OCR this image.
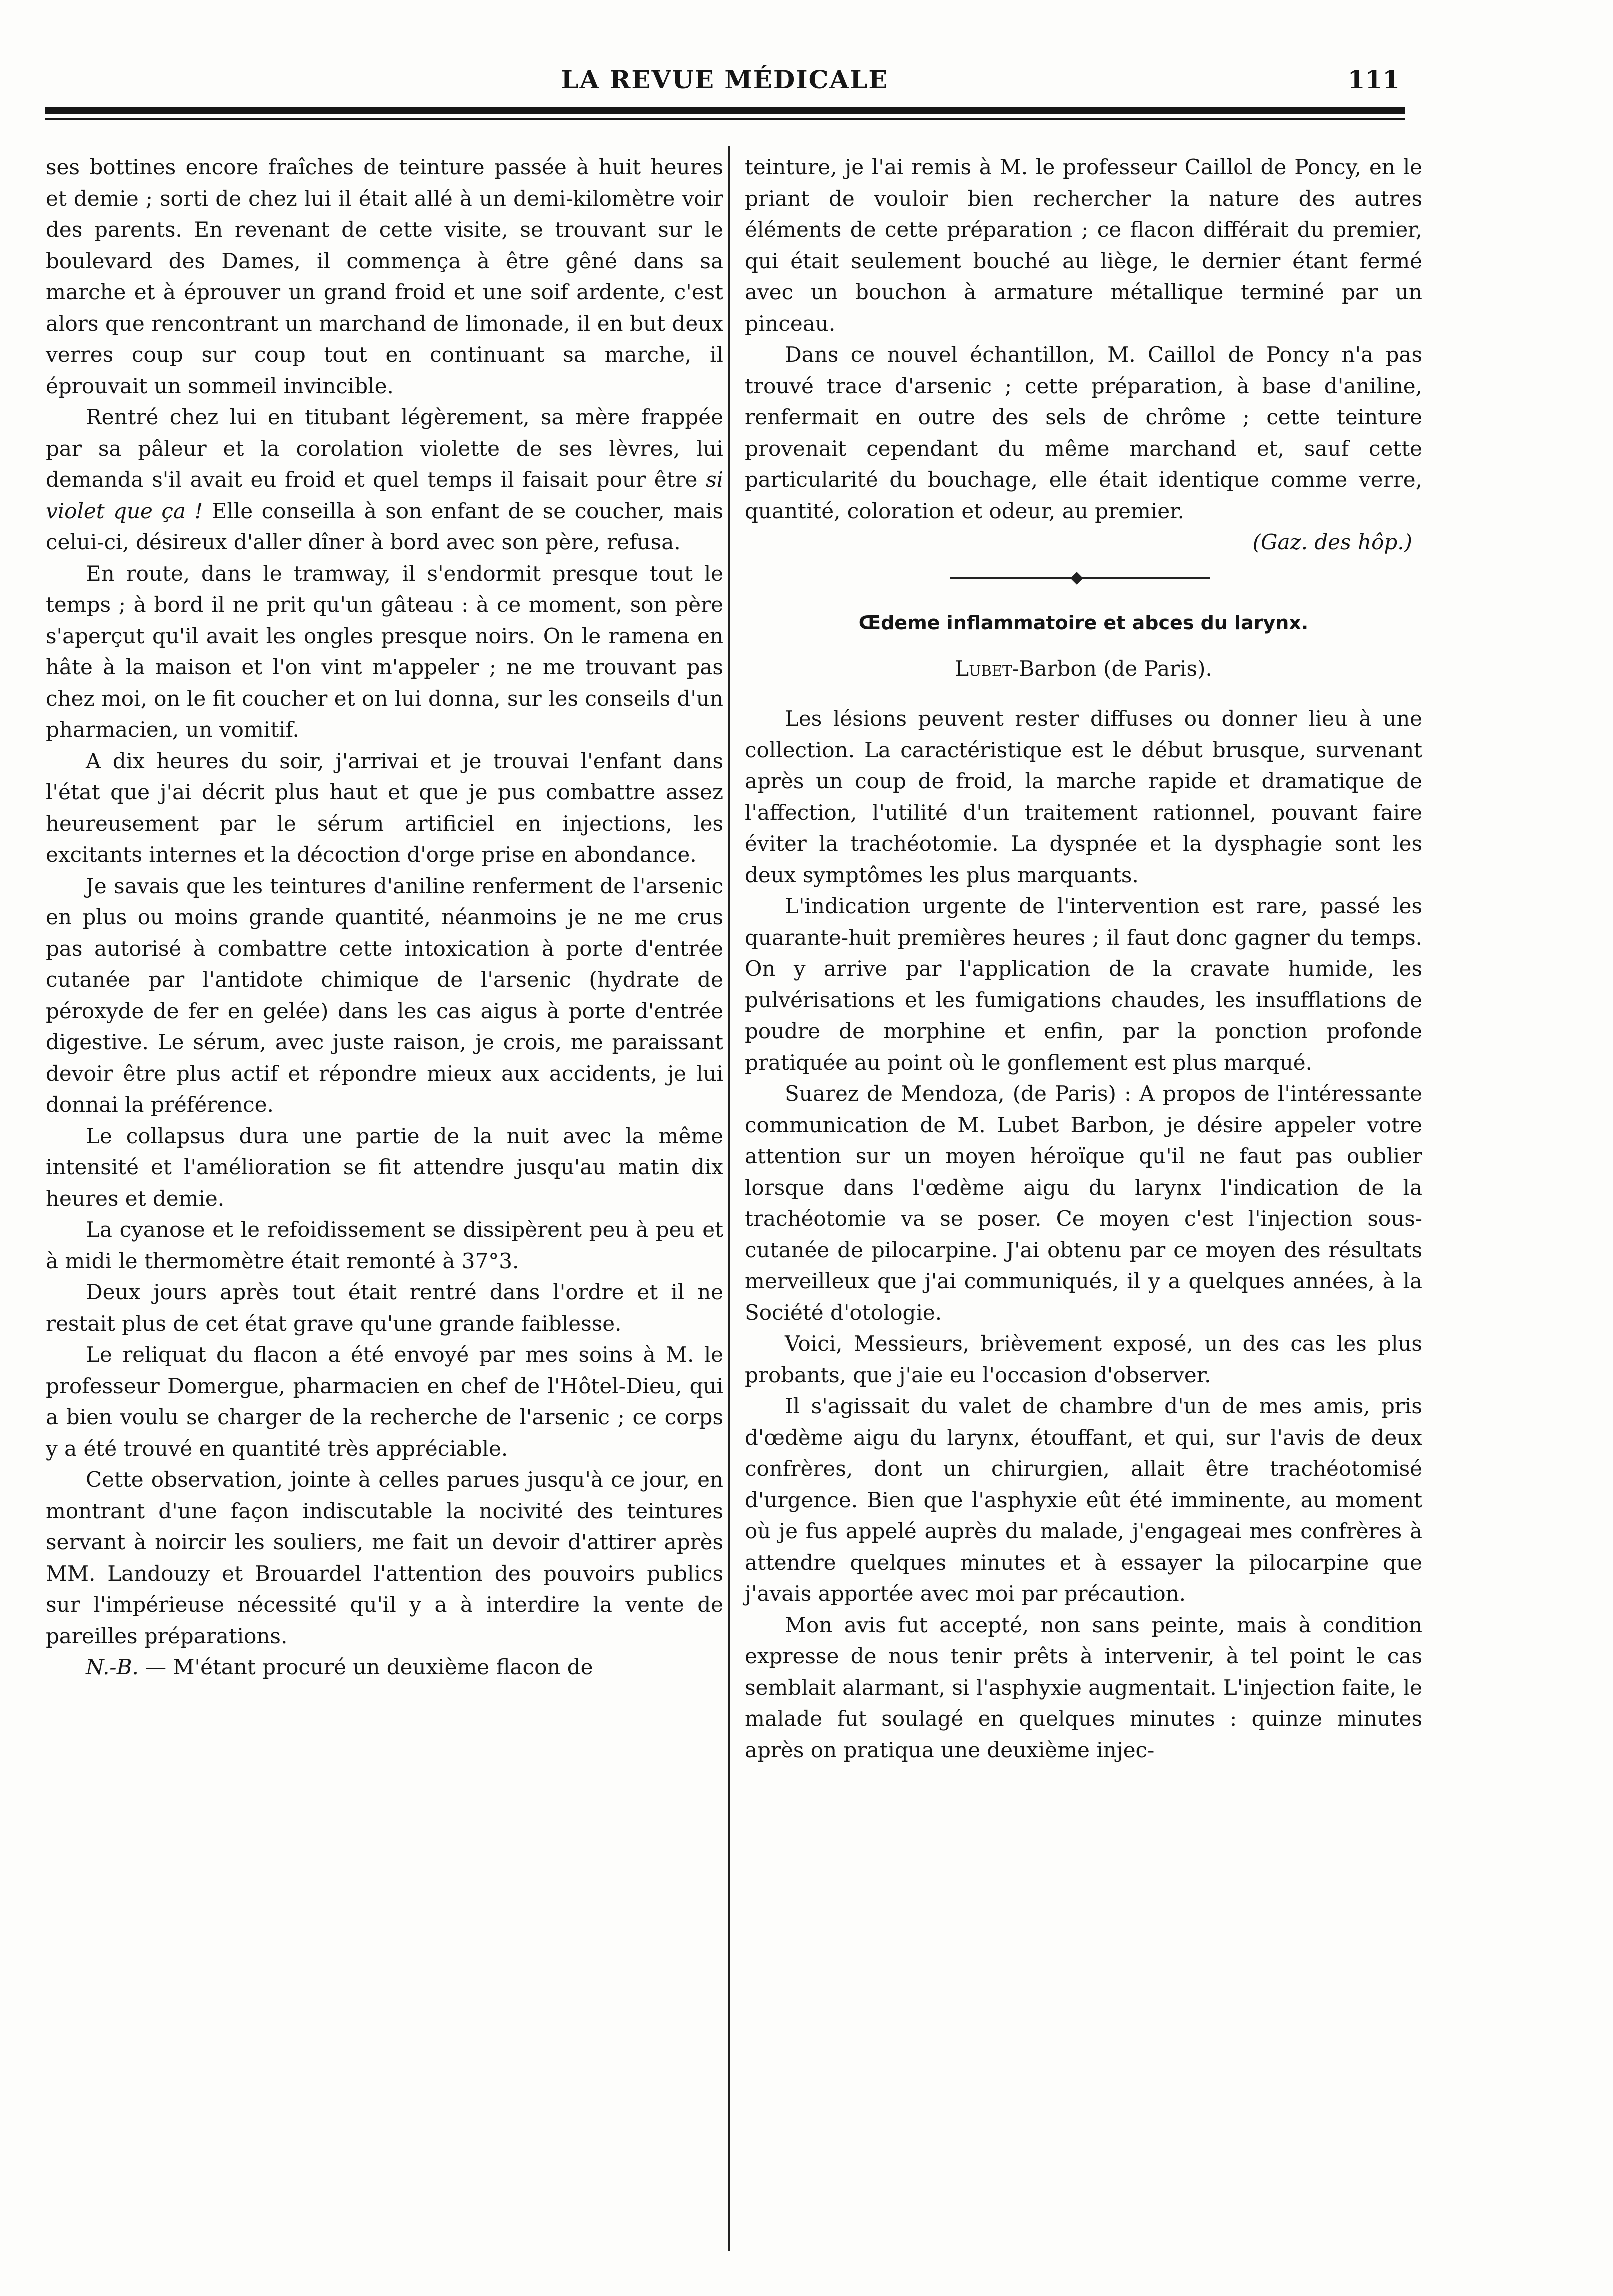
LA REVUE MÉDICALE	111

ses bottines encore fraîches de teinture passée à huit heures et demie ; sorti de chez lui il était allé à un demi-kilomètre voir des parents. En revenant de cette visite, se trouvant sur le boulevard des Dames, il commença à être gêné dans sa marche et à éprouver un grand froid et une soif ardente, c'est alors que rencontrant un marchand de limonade, il en but deux verres coup sur coup tout en continuant sa marche, il éprouvait un sommeil invincible.

Rentré chez lui en titubant légèrement, sa mère frappée par sa pâleur et la corolation violette de ses lèvres, lui demanda s'il avait eu froid et quel temps il faisait pour être si violet que ça ! Elle conseilla à son enfant de se coucher, mais celui-ci, désireux d'aller dîner à bord avec son père, refusa.

En route, dans le tramway, il s'endormit presque tout le temps ; à bord il ne prit qu'un gâteau : à ce moment, son père s'aperçut qu'il avait les ongles presque noirs. On le ramena en hâte à la maison et l'on vint m'appeler ; ne me trouvant pas chez moi, on le fit coucher et on lui donna, sur les conseils d'un pharmacien, un vomitif.

A dix heures du soir, j'arrivai et je trouvai l'enfant dans l'état que j'ai décrit plus haut et que je pus combattre assez heureusement par le sérum artificiel en injections, les excitants internes et la décoction d'orge prise en abondance.

Je savais que les teintures d'aniline renferment de l'arsenic en plus ou moins grande quantité, néanmoins je ne me crus pas autorisé à combattre cette intoxication à porte d'entrée cutanée par l'antidote chimique de l'arsenic (hydrate de péroxyde de fer en gelée) dans les cas aigus à porte d'entrée digestive. Le sérum, avec juste raison, je crois, me paraissant devoir être plus actif et répondre mieux aux accidents, je lui donnai la préférence.

Le collapsus dura une partie de la nuit avec la même intensité et l'amélioration se fit attendre jusqu'au matin dix heures et demie.

La cyanose et le refoidissement se dissipèrent peu à peu et à midi le thermomètre était remonté à 37°3.

Deux jours après tout était rentré dans l'ordre et il ne restait plus de cet état grave qu'une grande faiblesse.

Le reliquat du flacon a été envoyé par mes soins à M. le professeur Domergue, pharmacien en chef de l'Hôtel-Dieu, qui a bien voulu se charger de la recherche de l'arsenic ; ce corps y a été trouvé en quantité très appréciable.

Cette observation, jointe à celles parues jusqu'à ce jour, en montrant d'une façon indiscutable la nocivité des teintures servant à noircir les souliers, me fait un devoir d'attirer après MM. Landouzy et Brouardel l'attention des pouvoirs publics sur l'impérieuse nécessité qu'il y a à interdire la vente de pareilles préparations.

N.-B. — M'étant procuré un deuxième flacon de

teinture, je l'ai remis à M. le professeur Caillol de Poncy, en le priant de vouloir bien rechercher la nature des autres éléments de cette préparation ; ce flacon différait du premier, qui était seulement bouché au liège, le dernier étant fermé avec un bouchon à armature métallique terminé par un pinceau.

Dans ce nouvel échantillon, M. Caillol de Poncy n'a pas trouvé trace d'arsenic ; cette préparation, à base d'aniline, renfermait en outre des sels de chrôme ; cette teinture provenait cependant du même marchand et, sauf cette particularité du bouchage, elle était identique comme verre, quantité, coloration et odeur, au premier.

(Gaz. des hôp.)

Œdeme inflammatoire et abces du larynx.
Lubet-Barbon (de Paris).

Les lésions peuvent rester diffuses ou donner lieu à une collection. La caractéristique est le début brusque, survenant après un coup de froid, la marche rapide et dramatique de l'affection, l'utilité d'un traitement rationnel, pouvant faire éviter la trachéotomie. La dyspnée et la dysphagie sont les deux symptômes les plus marquants.

L'indication urgente de l'intervention est rare, passé les quarante-huit premières heures ; il faut donc gagner du temps. On y arrive par l'application de la cravate humide, les pulvérisations et les fumigations chaudes, les insufflations de poudre de morphine et enfin, par la ponction profonde pratiquée au point où le gonflement est plus marqué.

Suarez de Mendoza, (de Paris) : A propos de l'intéressante communication de M. Lubet Barbon, je désire appeler votre attention sur un moyen héroïque qu'il ne faut pas oublier lorsque dans l'œdème aigu du larynx l'indication de la trachéotomie va se poser. Ce moyen c'est l'injection sous-cutanée de pilocarpine. J'ai obtenu par ce moyen des résultats merveilleux que j'ai communiqués, il y a quelques années, à la Société d'otologie.

Voici, Messieurs, brièvement exposé, un des cas les plus probants, que j'aie eu l'occasion d'observer.

Il s'agissait du valet de chambre d'un de mes amis, pris d'œdème aigu du larynx, étouffant, et qui, sur l'avis de deux confrères, dont un chirurgien, allait être trachéotomisé d'urgence. Bien que l'asphyxie eût été imminente, au moment où je fus appelé auprès du malade, j'engageai mes confrères à attendre quelques minutes et à essayer la pilocarpine que j'avais apportée avec moi par précaution.

Mon avis fut accepté, non sans peinte, mais à condition expresse de nous tenir prêts à intervenir, à tel point le cas semblait alarmant, si l'asphyxie augmentait. L'injection faite, le malade fut soulagé en quelques minutes : quinze minutes après on pratiqua une deuxième injec-
